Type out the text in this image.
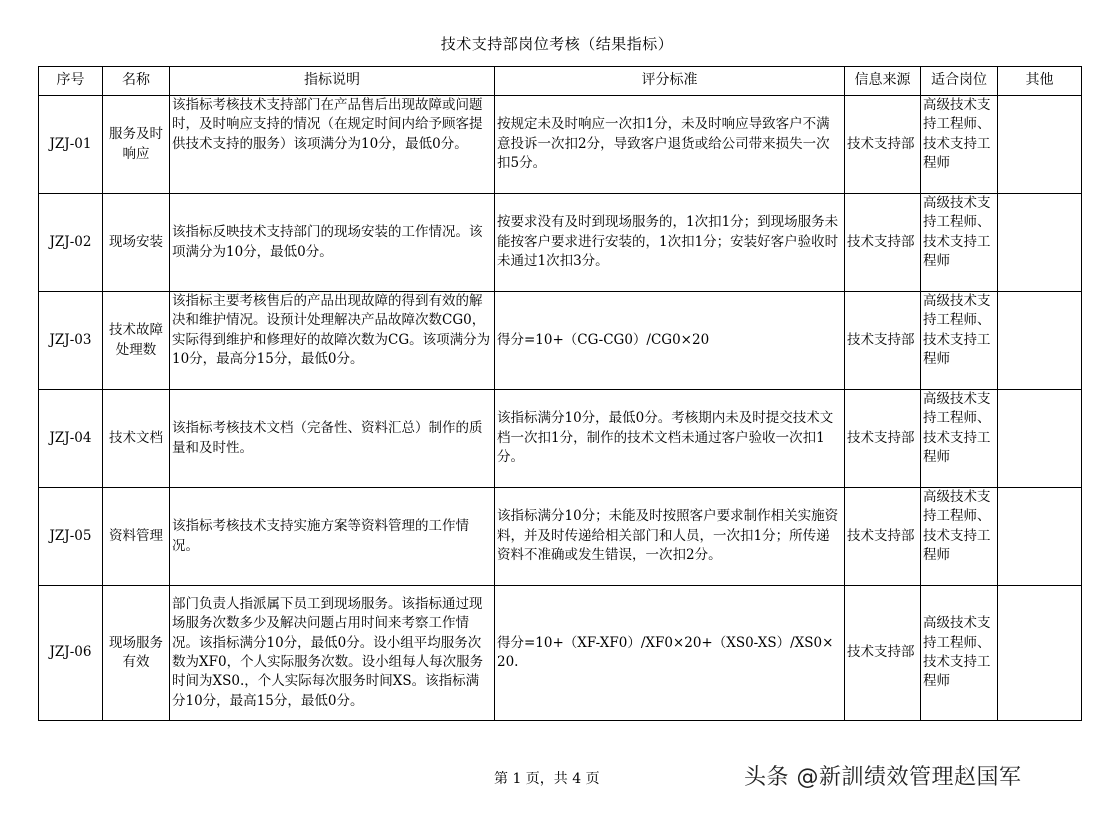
技术支持部岗位考核（结果指标）
序号	名称	指标说明	评分标准	信息来源	适合岗位	其他
JZJ-01	服务及时响应	该指标考核技术支持部门在产品售后出现故障或问题时，及时响应支持的情况（在规定时间内给予顾客提供技术支持的服务）该项满分为10分，最低0分。	按规定未及时响应一次扣1分，未及时响应导致客户不满意投诉一次扣2分，导致客户退货或给公司带来损失一次扣5分。	技术支持部	高级技术支持工程师、技术支持工程师	
JZJ-02	现场安装	该指标反映技术支持部门的现场安装的工作情况。该项满分为10分，最低0分。	按要求没有及时到现场服务的，1次扣1分；到现场服务未能按客户要求进行安装的，1次扣1分；安装好客户验收时未通过1次扣3分。	技术支持部	高级技术支持工程师、技术支持工程师	
JZJ-03	技术故障处理数	该指标主要考核售后的产品出现故障的得到有效的解决和维护情况。设预计处理解决产品故障次数CG0，实际得到维护和修理好的故障次数为CG。该项满分为10分，最高分15分，最低0分。	得分=10+（CG-CG0）/CG0×20	技术支持部	高级技术支持工程师、技术支持工程师	
JZJ-04	技术文档	该指标考核技术文档（完备性、资料汇总）制作的质量和及时性。	该指标满分10分，最低0分。考核期内未及时提交技术文档一次扣1分，制作的技术文档未通过客户验收一次扣1分。	技术支持部	高级技术支持工程师、技术支持工程师	
JZJ-05	资料管理	该指标考核技术支持实施方案等资料管理的工作情况。	该指标满分10分；未能及时按照客户要求制作相关实施资料，并及时传递给相关部门和人员，一次扣1分；所传递资料不准确或发生错误，一次扣2分。	技术支持部	高级技术支持工程师、技术支持工程师	
JZJ-06	现场服务有效	部门负责人指派属下员工到现场服务。该指标通过现场服务次数多少及解决问题占用时间来考察工作情况。该指标满分10分，最低0分。设小组平均服务次数为XF0，个人实际服务次数。设小组每人每次服务时间为XS0.，个人实际每次服务时间XS。该指标满分10分，最高15分，最低0分。	得分=10+（XF-XF0）/XF0×20+（XS0-XS）/XS0×20.	技术支持部	高级技术支持工程师、技术支持工程师	
第 1 页，共 4 页	头条 @新訓绩效管理赵国军
